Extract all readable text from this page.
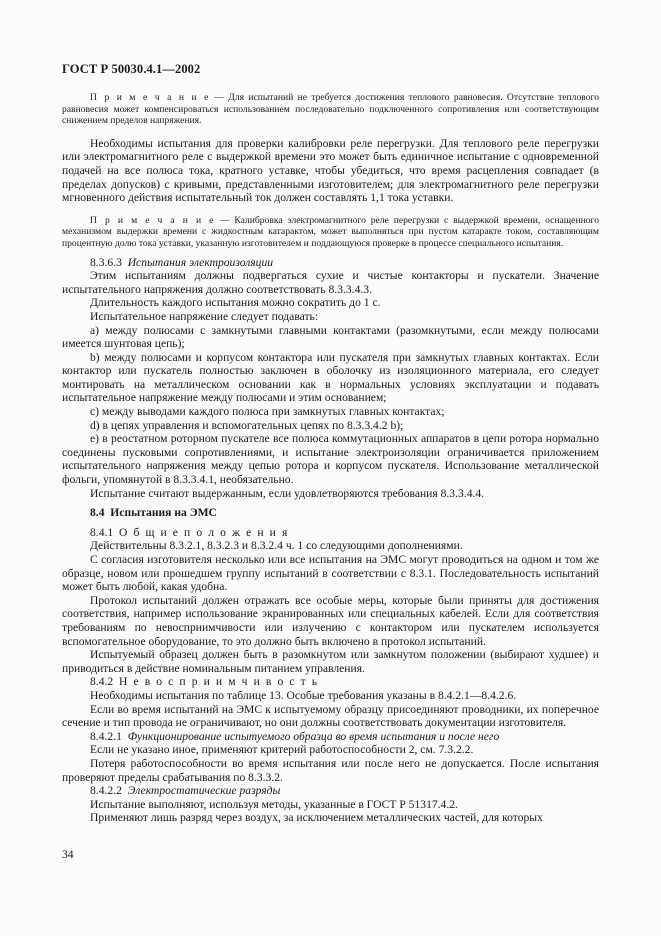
ГОСТ Р 50030.4.1—2002

П р и м е ч а н и е — Для испытаний не требуется достижения теплового равновесия. Отсутствие теплового равновесия может компенсироваться использованием последовательно подключенного сопротивления или соответствующим снижением пределов напряжения.

Необходимы испытания для проверки калибровки реле перегрузки. Для теплового реле перегрузки или электромагнитного реле с выдержкой времени это может быть единичное испытание с одновременной подачей на все полюса тока, кратного уставке, чтобы убедиться, что время расцепления совпадает (в пределах допусков) с кривыми, представленными изготовителем; для электромагнитного реле перегрузки мгновенного действия испытательный ток должен составлять 1,1 тока уставки.

П р и м е ч а н и е — Калибровка электромагнитного реле перегрузки с выдержкой времени, оснащенного механизмом выдержки времени с жидкостным катарактом, может выполняться при пустом катаракте током, составляющим процентную долю тока уставки, указанную изготовителем и поддающуюся проверке в процессе специального испытания.

8.3.6.3 Испытания электроизоляции

Этим испытаниям должны подвергаться сухие и чистые контакторы и пускатели. Значение испытательного напряжения должно соответствовать 8.3.3.4.3.

Длительность каждого испытания можно сократить до 1 с.

Испытательное напряжение следует подавать:

а) между полюсами с замкнутыми главными контактами (разомкнутыми, если между полюсами имеется шунтовая цепь);

b) между полюсами и корпусом контактора или пускателя при замкнутых главных контактах. Если контактор или пускатель полностью заключен в оболочку из изоляционного материала, его следует монтировать на металлическом основании как в нормальных условиях эксплуатации и подавать испытательное напряжение между полюсами и этим основанием;

с) между выводами каждого полюса при замкнутых главных контактах;

d) в цепях управления и вспомогательных цепях по 8.3.3.4.2 b);

е) в реостатном роторном пускателе все полюса коммутационных аппаратов в цепи ротора нормально соединены пусковыми сопротивлениями, и испытание электроизоляции ограничивается приложением испытательного напряжения между цепью ротора и корпусом пускателя. Использование металлической фольги, упомянутой в 8.3.3.4.1, необязательно.

Испытание считают выдержанным, если удовлетворяются требования 8.3.3.4.4.

8.4 Испытания на ЭМС

8.4.1 О б щ и е п о л о ж е н и я

Действительны 8.3.2.1, 8.3.2.3 и 8.3.2.4 ч. 1 со следующими дополнениями.

С согласия изготовителя несколько или все испытания на ЭМС могут проводиться на одном и том же образце, новом или прошедшем группу испытаний в соответствии с 8.3.1. Последовательность испытаний может быть любой, какая удобна.

Протокол испытаний должен отражать все особые меры, которые были приняты для достижения соответствия, например использование экранированных или специальных кабелей. Если для соответствия требованиям по невосприимчивости или излучению с контактором или пускателем используется вспомогательное оборудование, то это должно быть включено в протокол испытаний.

Испытуемый образец должен быть в разомкнутом или замкнутом положении (выбирают худшее) и приводиться в действие номинальным питанием управления.

8.4.2 Н е в о с п р и и м ч и в о с т ь

Необходимы испытания по таблице 13. Особые требования указаны в 8.4.2.1—8.4.2.6.

Если во время испытаний на ЭМС к испытуемому образцу присоединяют проводники, их поперечное сечение и тип провода не ограничивают, но они должны соответствовать документации изготовителя.

8.4.2.1 Функционирование испытуемого образца во время испытания и после него

Если не указано иное, применяют критерий работоспособности 2, см. 7.3.2.2.

Потеря работоспособности во время испытания или после него не допускается. После испытания проверяют пределы срабатывания по 8.3.3.2.

8.4.2.2 Электростатические разряды

Испытание выполняют, используя методы, указанные в ГОСТ Р 51317.4.2.

Применяют лишь разряд через воздух, за исключением металлических частей, для которых

34
